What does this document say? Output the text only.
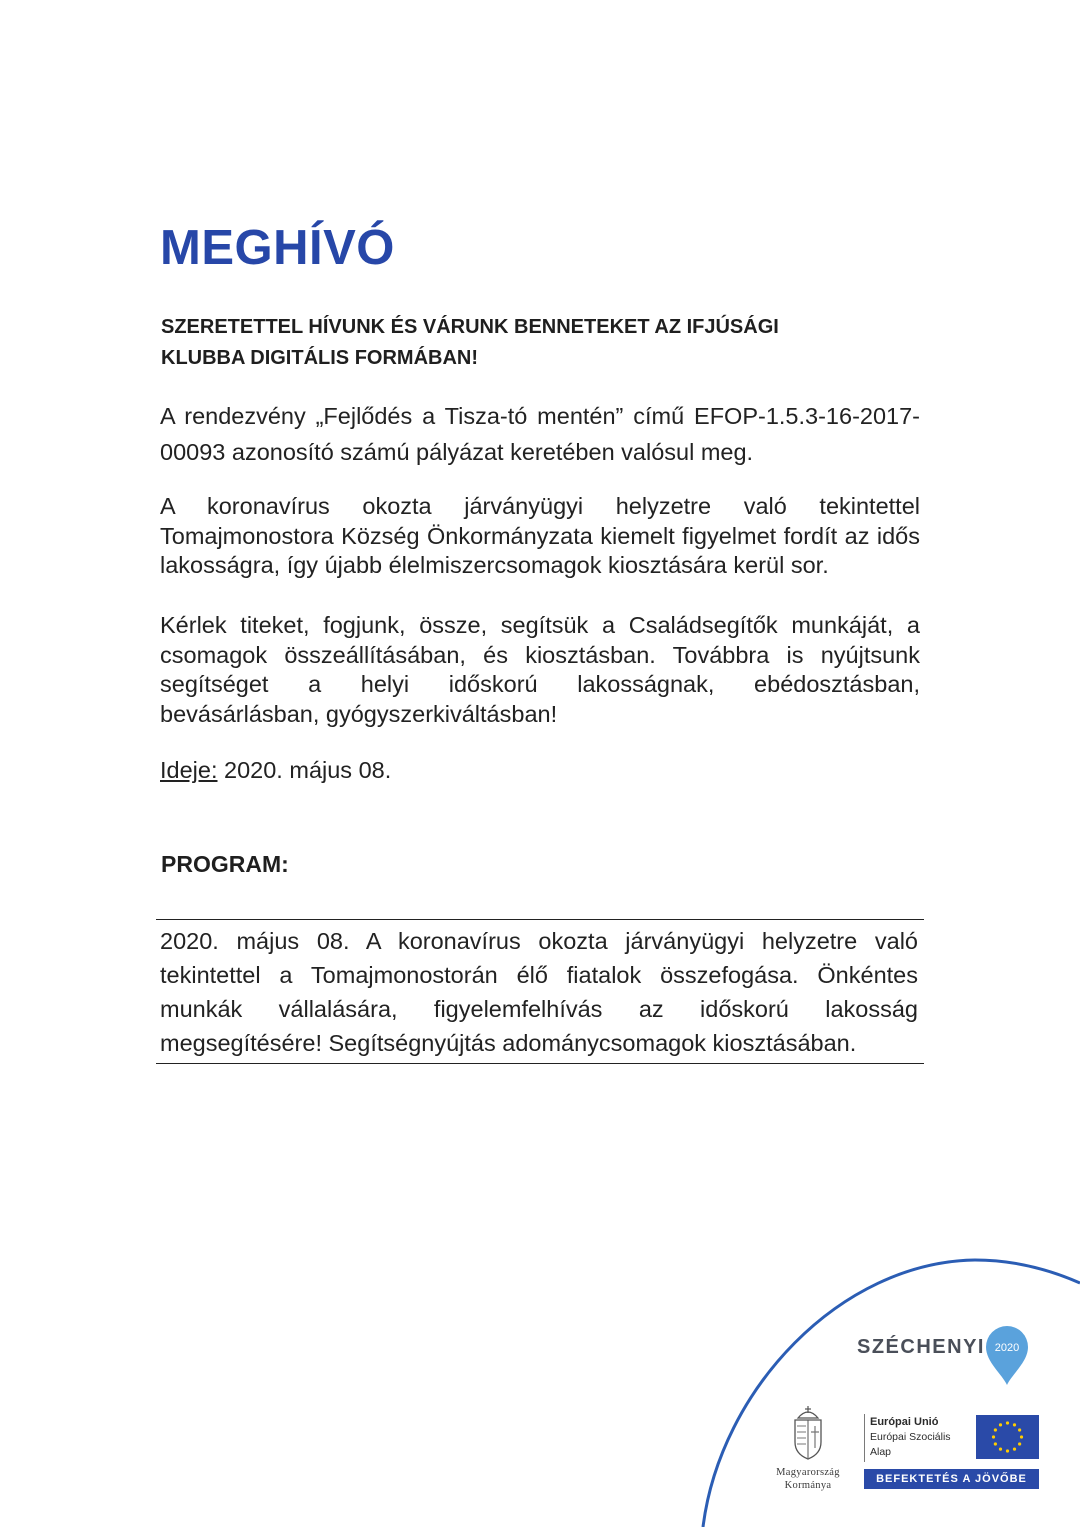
MEGHÍVÓ
SZERETETTEL HÍVUNK ÉS VÁRUNK BENNETEKET AZ IFJÚSÁGI
KLUBBA DIGITÁLIS FORMÁBAN!

A rendezvény „Fejlődés a Tisza-tó mentén” című EFOP-1.5.3-16-2017-00093 azonosító számú pályázat keretében valósul meg.

A koronavírus okozta járványügyi helyzetre való tekintettel Tomajmonostora Község Önkormányzata kiemelt figyelmet fordít az idős lakosságra, így újabb élelmiszercsomagok kiosztására kerül sor.

Kérlek titeket, fogjunk, össze, segítsük a Családsegítők munkáját, a csomagok összeállításában, és kiosztásban. Továbbra is nyújtsunk segítséget a helyi időskorú lakosságnak, ebédosztásban, bevásárlásban, gyógyszerkiváltásban!

Ideje: 2020. május 08.

PROGRAM:

2020. május 08. A koronavírus okozta járványügyi helyzetre való tekintettel a Tomajmonostorán élő fiatalok összefogása. Önkéntes munkák vállalására, figyelemfelhívás az időskorú lakosság megsegítésére! Segítségnyújtás adománycsomagok kiosztásában.

SZÉCHENYI 2020
Magyarország
Kormánya
Európai Unió
Európai Szociális
Alap
BEFEKTETÉS A JÖVŐBE
